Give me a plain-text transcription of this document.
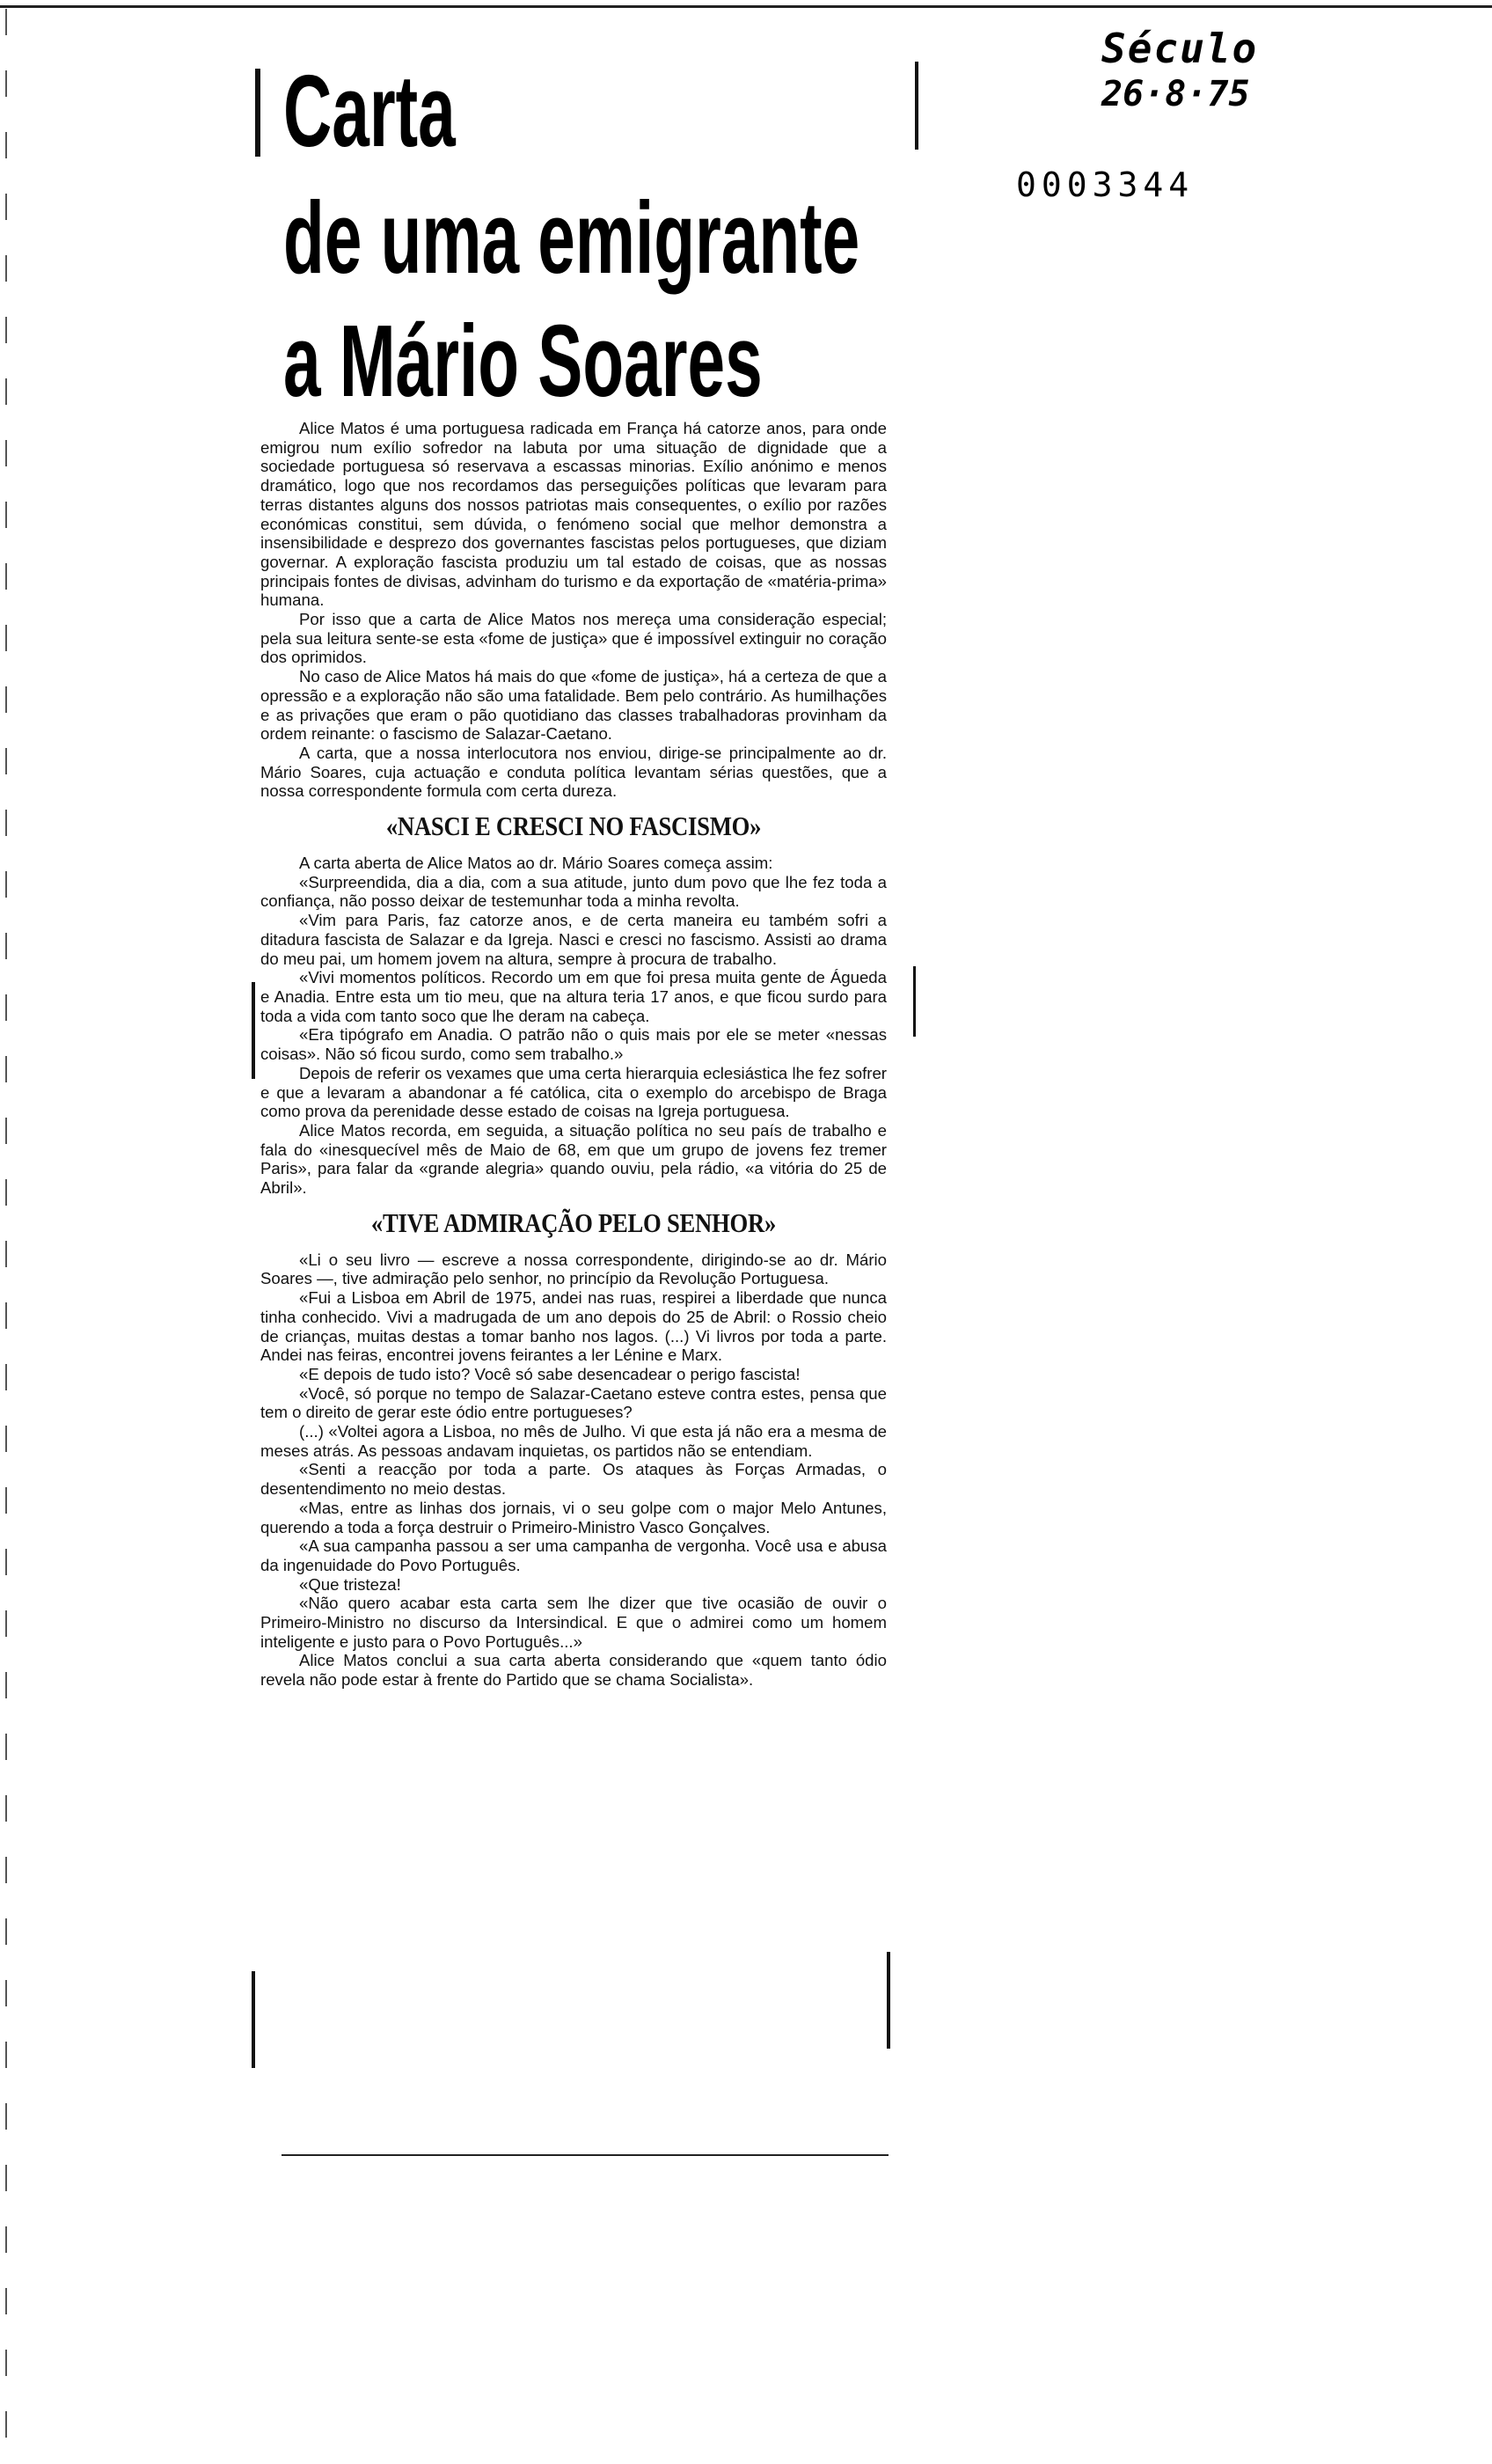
Século
26·8·75
0003344
Carta
de uma emigrante
a Mário Soares

Alice Matos é uma portuguesa radicada em França há catorze anos, para onde emigrou num exílio sofredor na labuta por uma situação de dignidade que a sociedade portuguesa só reservava a escassas minorias. Exílio anónimo e menos dramático, logo que nos recordamos das perseguições políticas que levaram para terras distantes alguns dos nossos patriotas mais consequentes, o exílio por razões económicas constitui, sem dúvida, o fenómeno social que melhor demonstra a insensibilidade e desprezo dos governantes fascistas pelos portugueses, que diziam governar. A exploração fascista produziu um tal estado de coisas, que as nossas principais fontes de divisas, advinham do turismo e da exportação de «matéria-prima» humana.

Por isso que a carta de Alice Matos nos mereça uma consideração especial; pela sua leitura sente-se esta «fome de justiça» que é impossível extinguir no coração dos oprimidos.

No caso de Alice Matos há mais do que «fome de justiça», há a certeza de que a opressão e a exploração não são uma fatalidade. Bem pelo contrário. As humilhações e as privações que eram o pão quotidiano das classes trabalhadoras provinham da ordem reinante: o fascismo de Salazar-Caetano.

A carta, que a nossa interlocutora nos enviou, dirige-se principalmente ao dr. Mário Soares, cuja actuação e conduta política levantam sérias questões, que a nossa correspondente formula com certa dureza.

«NASCI E CRESCI NO FASCISMO»

A carta aberta de Alice Matos ao dr. Mário Soares começa assim:

«Surpreendida, dia a dia, com a sua atitude, junto dum povo que lhe fez toda a confiança, não posso deixar de testemunhar toda a minha revolta.

«Vim para Paris, faz catorze anos, e de certa maneira eu também sofri a ditadura fascista de Salazar e da Igreja. Nasci e cresci no fascismo. Assisti ao drama do meu pai, um homem jovem na altura, sempre à procura de trabalho.

«Vivi momentos políticos. Recordo um em que foi presa muita gente de Águeda e Anadia. Entre esta um tio meu, que na altura teria 17 anos, e que ficou surdo para toda a vida com tanto soco que lhe deram na cabeça.

«Era tipógrafo em Anadia. O patrão não o quis mais por ele se meter «nessas coisas». Não só ficou surdo, como sem trabalho.»

Depois de referir os vexames que uma certa hierarquia eclesiástica lhe fez sofrer e que a levaram a abandonar a fé católica, cita o exemplo do arcebispo de Braga como prova da perenidade desse estado de coisas na Igreja portuguesa.

Alice Matos recorda, em seguida, a situação política no seu país de trabalho e fala do «inesquecível mês de Maio de 68, em que um grupo de jovens fez tremer Paris», para falar da «grande alegria» quando ouviu, pela rádio, «a vitória do 25 de Abril».

«TIVE ADMIRAÇÃO PELO SENHOR»

«Li o seu livro — escreve a nossa correspondente, dirigindo-se ao dr. Mário Soares —, tive admiração pelo senhor, no princípio da Revolução Portuguesa.

«Fui a Lisboa em Abril de 1975, andei nas ruas, respirei a liberdade que nunca tinha conhecido. Vivi a madrugada de um ano depois do 25 de Abril: o Rossio cheio de crianças, muitas destas a tomar banho nos lagos. (...) Vi livros por toda a parte. Andei nas feiras, encontrei jovens feirantes a ler Lénine e Marx.

«E depois de tudo isto? Você só sabe desencadear o perigo fascista!

«Você, só porque no tempo de Salazar-Caetano esteve contra estes, pensa que tem o direito de gerar este ódio entre portugueses?

(...) «Voltei agora a Lisboa, no mês de Julho. Vi que esta já não era a mesma de meses atrás. As pessoas andavam inquietas, os partidos não se entendiam.

«Senti a reacção por toda a parte. Os ataques às Forças Armadas, o desentendimento no meio destas.

«Mas, entre as linhas dos jornais, vi o seu golpe com o major Melo Antunes, querendo a toda a força destruir o Primeiro-Ministro Vasco Gonçalves.

«A sua campanha passou a ser uma campanha de vergonha. Você usa e abusa da ingenuidade do Povo Português.

«Que tristeza!

«Não quero acabar esta carta sem lhe dizer que tive ocasião de ouvir o Primeiro-Ministro no discurso da Intersindical. E que o admirei como um homem inteligente e justo para o Povo Português...»

Alice Matos conclui a sua carta aberta considerando que «quem tanto ódio revela não pode estar à frente do Partido que se chama Socialista».
